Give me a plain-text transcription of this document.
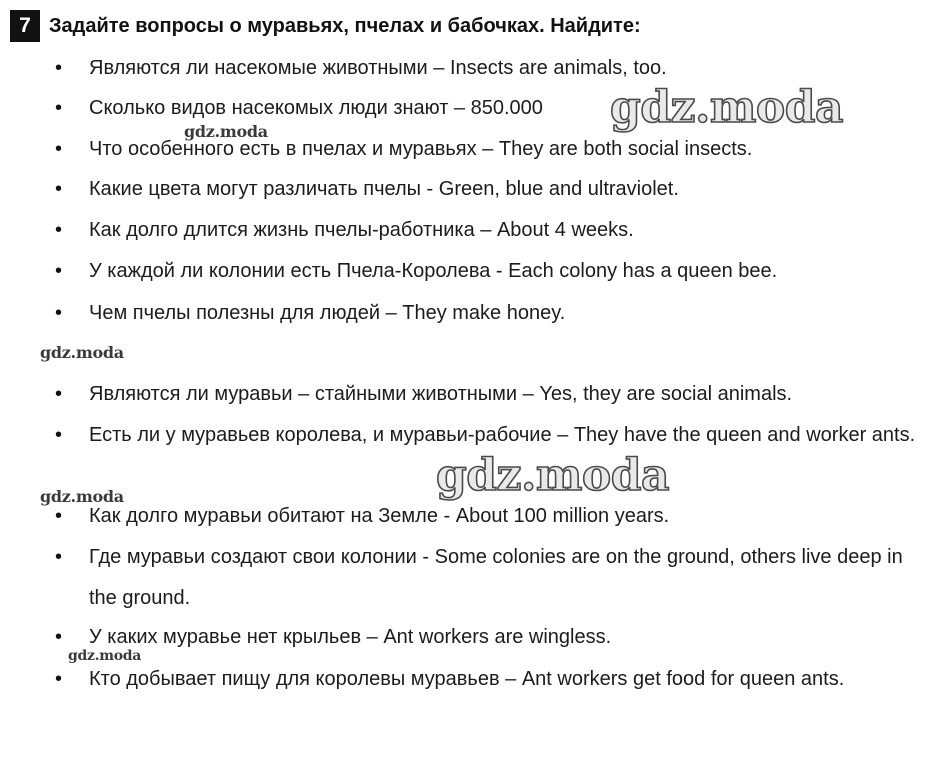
7 Задайте вопросы о муравьях, пчелах и бабочках. Найдите:
• Являются ли насекомые животными – Insects are animals, too.
• Сколько видов насекомых люди знают – 850.000
• Что особенного есть в пчелах и муравьях – They are both social insects.
• Какие цвета могут различать пчелы - Green, blue and ultraviolet.
• Как долго длится жизнь пчелы-работника – About 4 weeks.
• У каждой ли колонии есть Пчела-Королева - Each colony has a queen bee.
• Чем пчелы полезны для людей – They make honey.
• Являются ли муравьи – стайными животными – Yes, they are social animals.
• Есть ли у муравьев королева, и муравьи-рабочие – They have the queen and worker ants.
• Как долго муравьи обитают на Земле - About 100 million years.
• Где муравьи создают свои колонии - Some colonies are on the ground, others live deep in the ground.
• У каких муравье нет крыльев – Ant workers are wingless.
• Кто добывает пищу для королевы муравьев – Ant workers get food for queen ants.
gdz.moda
gdz.moda
gdz.moda
gdz.moda
gdz.moda
gdz.moda
